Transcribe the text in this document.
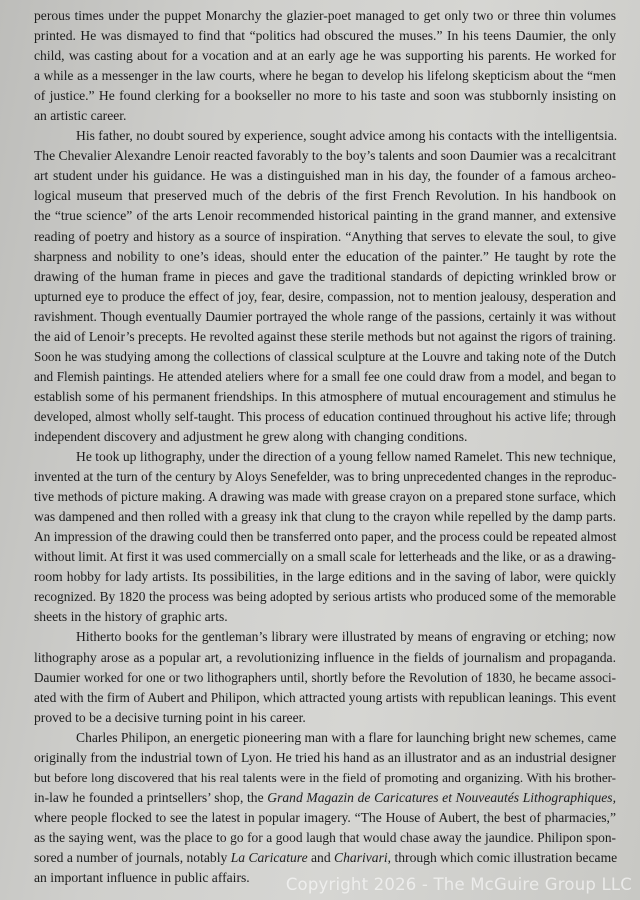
perous times under the puppet Monarchy the glazier-poet managed to get only two or three thin volumes
printed. He was dismayed to find that “politics had obscured the muses.” In his teens Daumier, the only
child, was casting about for a vocation and at an early age he was supporting his parents. He worked for
a while as a messenger in the law courts, where he began to develop his lifelong skepticism about the “men
of justice.” He found clerking for a bookseller no more to his taste and soon was stubbornly insisting on
an artistic career.
His father, no doubt soured by experience, sought advice among his contacts with the intelligentsia.
The Chevalier Alexandre Lenoir reacted favorably to the boy’s talents and soon Daumier was a recalcitrant
art student under his guidance. He was a distinguished man in his day, the founder of a famous archeo-
logical museum that preserved much of the debris of the first French Revolution. In his handbook on
the “true science” of the arts Lenoir recommended historical painting in the grand manner, and extensive
reading of poetry and history as a source of inspiration. “Anything that serves to elevate the soul, to give
sharpness and nobility to one’s ideas, should enter the education of the painter.” He taught by rote the
drawing of the human frame in pieces and gave the traditional standards of depicting wrinkled brow or
upturned eye to produce the effect of joy, fear, desire, compassion, not to mention jealousy, desperation and
ravishment. Though eventually Daumier portrayed the whole range of the passions, certainly it was without
the aid of Lenoir’s precepts. He revolted against these sterile methods but not against the rigors of training.
Soon he was studying among the collections of classical sculpture at the Louvre and taking note of the Dutch
and Flemish paintings. He attended ateliers where for a small fee one could draw from a model, and began to
establish some of his permanent friendships. In this atmosphere of mutual encouragement and stimulus he
developed, almost wholly self-taught. This process of education continued throughout his active life; through
independent discovery and adjustment he grew along with changing conditions.
He took up lithography, under the direction of a young fellow named Ramelet. This new technique,
invented at the turn of the century by Aloys Senefelder, was to bring unprecedented changes in the reproduc-
tive methods of picture making. A drawing was made with grease crayon on a prepared stone surface, which
was dampened and then rolled with a greasy ink that clung to the crayon while repelled by the damp parts.
An impression of the drawing could then be transferred onto paper, and the process could be repeated almost
without limit. At first it was used commercially on a small scale for letterheads and the like, or as a drawing-
room hobby for lady artists. Its possibilities, in the large editions and in the saving of labor, were quickly
recognized. By 1820 the process was being adopted by serious artists who produced some of the memorable
sheets in the history of graphic arts.
Hitherto books for the gentleman’s library were illustrated by means of engraving or etching; now
lithography arose as a popular art, a revolutionizing influence in the fields of journalism and propaganda.
Daumier worked for one or two lithographers until, shortly before the Revolution of 1830, he became associ-
ated with the firm of Aubert and Philipon, which attracted young artists with republican leanings. This event
proved to be a decisive turning point in his career.
Charles Philipon, an energetic pioneering man with a flare for launching bright new schemes, came
originally from the industrial town of Lyon. He tried his hand as an illustrator and as an industrial designer
but before long discovered that his real talents were in the field of promoting and organizing. With his brother-
in-law he founded a printsellers’ shop, the Grand Magazin de Caricatures et Nouveautés Lithographiques,
where people flocked to see the latest in popular imagery. “The House of Aubert, the best of pharmacies,”
as the saying went, was the place to go for a good laugh that would chase away the jaundice. Philipon spon-
sored a number of journals, notably La Caricature and Charivari, through which comic illustration became
an important influence in public affairs.	Copyright 2026 - The McGuire Group LLC
